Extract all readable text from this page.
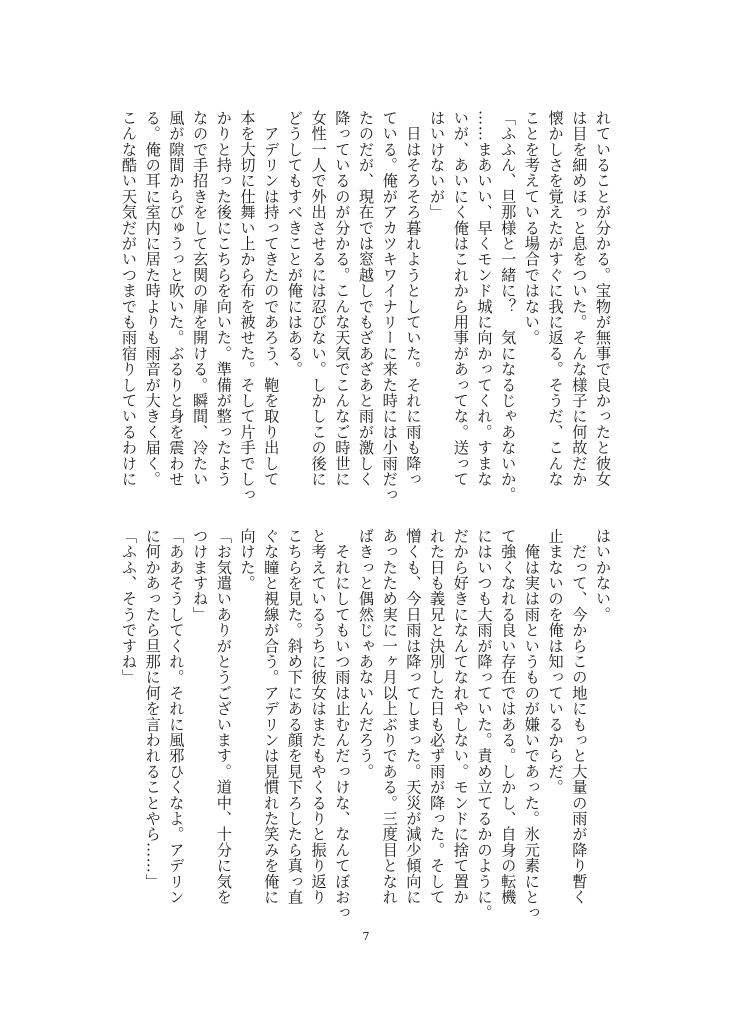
れていることが分かる。宝物が無事で良かったと彼女
は目を細めほっと息をついた。そんな様子に何故だか
懐かしさを覚えたがすぐに我に返る。そうだ、こんな
ことを考えている場合ではない。
「ふふん、旦那様と一緒に？　気になるじゃあないか。
……まあいい、早くモンド城に向かってくれ。すまな
いが、あいにく俺はこれから用事があってな。送って
はいけないが」
　日はそろそろ暮れようとしていた。それに雨も降っ
ている。俺がアカツキワイナリーに来た時には小雨だっ
たのだが、現在では窓越しでもざあざあと雨が激しく
降っているのが分かる。こんな天気でこんなご時世に
女性一人で外出させるには忍びない。しかしこの後に
どうしてもすべきことが俺にはある。
　アデリンは持ってきたのであろう、鞄を取り出して
本を大切に仕舞い上から布を被せた。そして片手でしっ
かりと持った後にこちらを向いた。準備が整ったよう
なので手招きをして玄関の扉を開ける。瞬間、冷たい
風が隙間からびゅうっと吹いた。ぶるりと身を震わせ
る。俺の耳に室内に居た時よりも雨音が大きく届く。
こんな酷い天気だがいつまでも雨宿りしているわけに
はいかない。
　だって、今からこの地にもっと大量の雨が降り暫く
止まないのを俺は知っているからだ。
　俺は実は雨というものが嫌いであった。氷元素にとっ
て強くなれる良い存在ではある。しかし、自身の転機
にはいつも大雨が降っていた。責め立てるかのように。
だから好きになんてなれやしない。モンドに捨て置か
れた日も義兄と決別した日も必ず雨が降った。そして
憎くも、今日雨は降ってしまった。天災が減少傾向に
あったため実に一ヶ月以上ぶりである。三度目となれ
ばきっと偶然じゃあないんだろう。
　それにしてもいつ雨は止むんだっけな、なんてぼおっ
と考えているうちに彼女はまたもやくるりと振り返り
こちらを見た。斜め下にある顔を見下ろしたら真っ直
ぐな瞳と視線が合う。アデリンは見慣れた笑みを俺に
向けた。
「お気遣いありがとうございます。道中、十分に気を
つけますね」
「ああそうしてくれ。それに風邪ひくなよ。アデリン
に何かあったら旦那に何を言われることやら……」
「ふふ、そうですね」
7
